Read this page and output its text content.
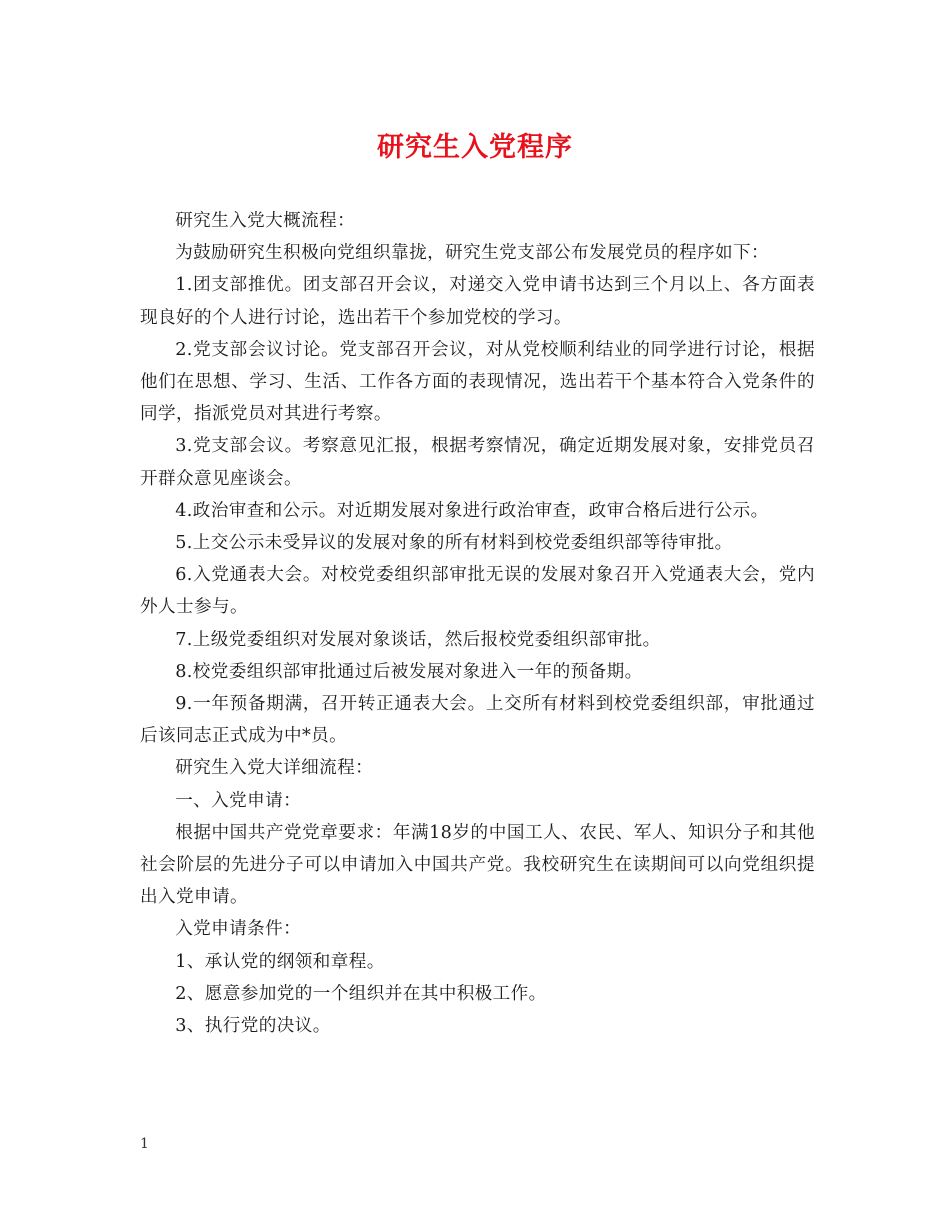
研究生入党程序

研究生入党大概流程：

为鼓励研究生积极向党组织靠拢，研究生党支部公布发展党员的程序如下：

1.团支部推优。团支部召开会议，对递交入党申请书达到三个月以上、各方面表现良好的个人进行讨论，选出若干个参加党校的学习。

2.党支部会议讨论。党支部召开会议，对从党校顺利结业的同学进行讨论，根据他们在思想、学习、生活、工作各方面的表现情况，选出若干个基本符合入党条件的同学，指派党员对其进行考察。

3.党支部会议。考察意见汇报，根据考察情况，确定近期发展对象，安排党员召开群众意见座谈会。

4.政治审查和公示。对近期发展对象进行政治审查，政审合格后进行公示。

5.上交公示未受异议的发展对象的所有材料到校党委组织部等待审批。

6.入党通表大会。对校党委组织部审批无误的发展对象召开入党通表大会，党内外人士参与。

7.上级党委组织对发展对象谈话，然后报校党委组织部审批。

8.校党委组织部审批通过后被发展对象进入一年的预备期。

9.一年预备期满，召开转正通表大会。上交所有材料到校党委组织部，审批通过后该同志正式成为中*员。

研究生入党大详细流程：

一、入党申请：

根据中国共产党党章要求：年满18岁的中国工人、农民、军人、知识分子和其他社会阶层的先进分子可以申请加入中国共产党。我校研究生在读期间可以向党组织提出入党申请。

入党申请条件：

1、承认党的纲领和章程。

2、愿意参加党的一个组织并在其中积极工作。

3、执行党的决议。

1
